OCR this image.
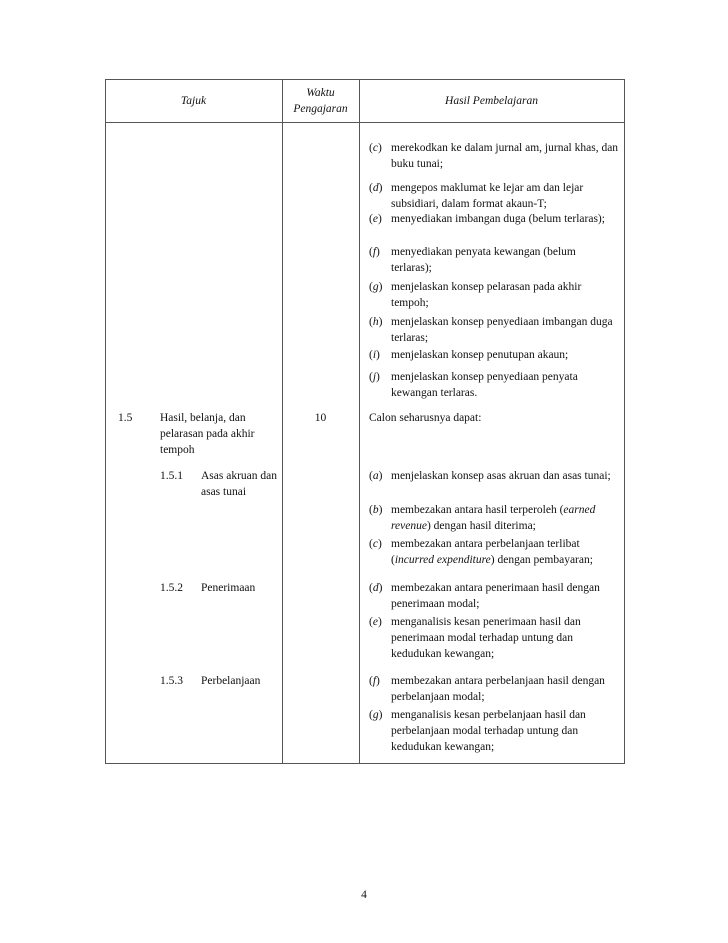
Tajuk
Waktu
Pengajaran
Hasil Pembelajaran
(c) merekodkan ke dalam jurnal am, jurnal khas, dan buku tunai;
(d) mengepos maklumat ke lejar am dan lejar subsidiari, dalam format akaun-T;
(e) menyediakan imbangan duga (belum terlaras);
(f) menyediakan penyata kewangan (belum terlaras);
(g) menjelaskan konsep pelarasan pada akhir tempoh;
(h) menjelaskan konsep penyediaan imbangan duga terlaras;
(i) menjelaskan konsep penutupan akaun;
(j) menjelaskan konsep penyediaan penyata kewangan terlaras.
1.5 Hasil, belanja, dan pelarasan pada akhir tempoh
10	Calon seharusnya dapat:
1.5.1 Asas akruan dan asas tunai
1.5.2 Penerimaan
1.5.3 Perbelanjaan
(a) menjelaskan konsep asas akruan dan asas tunai;
(b) membezakan antara hasil terperoleh (earned revenue) dengan hasil diterima;
(c) membezakan antara perbelanjaan terlibat (incurred expenditure) dengan pembayaran;
(d) membezakan antara penerimaan hasil dengan penerimaan modal;
(e) menganalisis kesan penerimaan hasil dan penerimaan modal terhadap untung dan kedudukan kewangan;
(f) membezakan antara perbelanjaan hasil dengan perbelanjaan modal;
(g) menganalisis kesan perbelanjaan hasil dan perbelanjaan modal terhadap untung dan kedudukan kewangan;
4
